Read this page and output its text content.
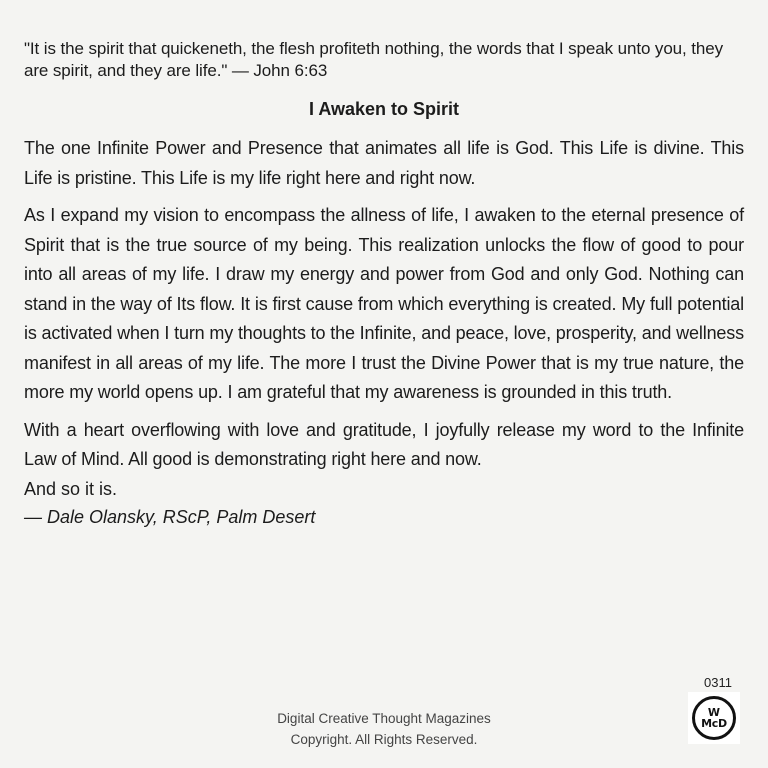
"It is the spirit that quickeneth, the flesh profiteth nothing, the words that I speak unto you, they are spirit, and they are life." — John 6:63

I Awaken to Spirit

The one Infinite Power and Presence that animates all life is God. This Life is divine. This Life is pristine. This Life is my life right here and right now.

As I expand my vision to encompass the allness of life, I awaken to the eternal presence of Spirit that is the true source of my being. This realization unlocks the flow of good to pour into all areas of my life. I draw my energy and power from God and only God. Nothing can stand in the way of Its flow. It is first cause from which everything is created. My full potential is activated when I turn my thoughts to the Infinite, and peace, love, prosperity, and wellness manifest in all areas of my life. The more I trust the Divine Power that is my true nature, the more my world opens up. I am grateful that my awareness is grounded in this truth.

With a heart overflowing with love and gratitude, I joyfully release my word to the Infinite Law of Mind. All good is demonstrating right here and now.

And so it is.

— Dale Olansky, RScP, Palm Desert

0311
Digital Creative Thought Magazines
Copyright. All Rights Reserved.
W
McD
